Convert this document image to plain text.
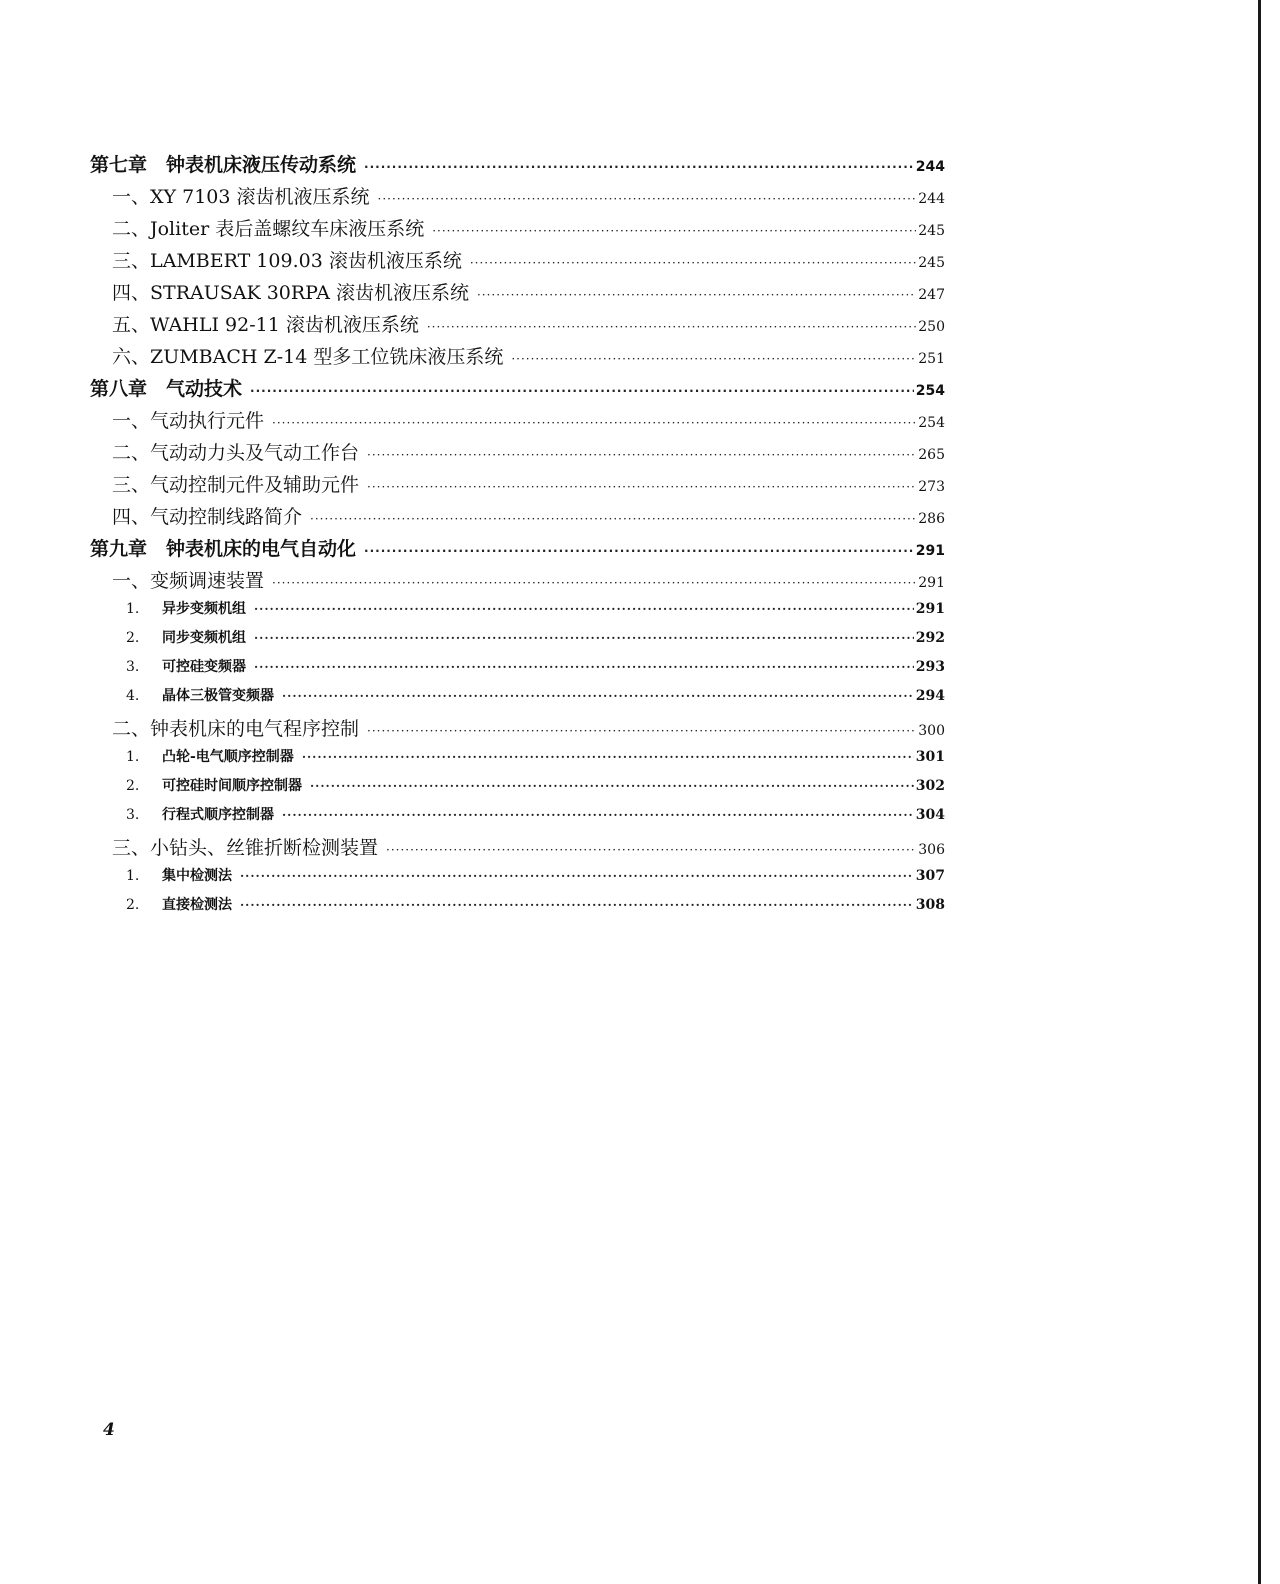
第七章　钟表机床液压传动系统 ·····	244
一、XY 7103 滚齿机液压系统 ·····	244
二、Joliter 表后盖螺纹车床液压系统 ·····	245
三、LAMBERT 109.03 滚齿机液压系统 ·····	245
四、STRAUSAK 30RPA 滚齿机液压系统 ·····	247
五、WAHLI 92-11 滚齿机液压系统 ·····	250
六、ZUMBACH Z-14 型多工位铣床液压系统 ·····	251
第八章　气动技术 ·····	254
一、气动执行元件 ·····	254
二、气动动力头及气动工作台 ·····	265
三、气动控制元件及辅助元件 ·····	273
四、气动控制线路简介 ·····	286
第九章　钟表机床的电气自动化 ·····	291
一、变频调速装置 ·····	291
1. 异步变频机组 ·····	291
2. 同步变频机组 ·····	292
3. 可控硅变频器 ·····	293
4. 晶体三极管变频器 ·····	294
二、钟表机床的电气程序控制 ·····	300
1. 凸轮-电气顺序控制器 ·····	301
2. 可控硅时间顺序控制器 ·····	302
3. 行程式顺序控制器 ·····	304
三、小钻头、丝锥折断检测装置 ·····	306
1. 集中检测法 ·····	307
2. 直接检测法 ·····	308
4
